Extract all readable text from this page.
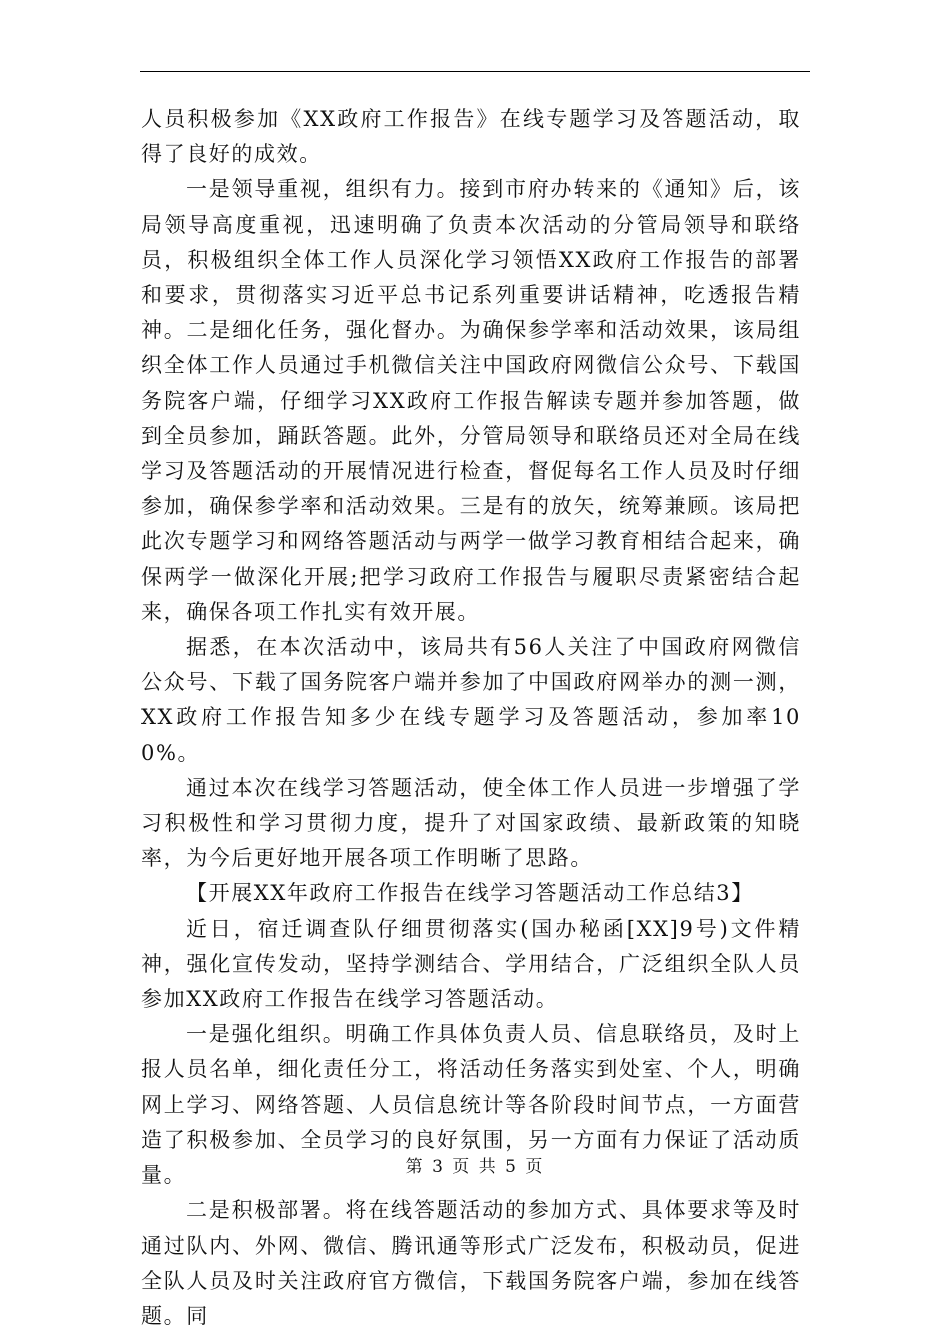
人员积极参加《XX政府工作报告》在线专题学习及答题活动，取得了良好的成效。

一是领导重视，组织有力。接到市府办转来的《通知》后，该局领导高度重视，迅速明确了负责本次活动的分管局领导和联络员，积极组织全体工作人员深化学习领悟XX政府工作报告的部署和要求，贯彻落实习近平总书记系列重要讲话精神，吃透报告精神。二是细化任务，强化督办。为确保参学率和活动效果，该局组织全体工作人员通过手机微信关注中国政府网微信公众号、下载国务院客户端，仔细学习XX政府工作报告解读专题并参加答题，做到全员参加，踊跃答题。此外，分管局领导和联络员还对全局在线学习及答题活动的开展情况进行检查，督促每名工作人员及时仔细参加，确保参学率和活动效果。三是有的放矢，统筹兼顾。该局把此次专题学习和网络答题活动与两学一做学习教育相结合起来，确保两学一做深化开展;把学习政府工作报告与履职尽责紧密结合起来，确保各项工作扎实有效开展。

据悉，在本次活动中，该局共有56人关注了中国政府网微信公众号、下载了国务院客户端并参加了中国政府网举办的测一测，XX政府工作报告知多少在线专题学习及答题活动，参加率100%。

通过本次在线学习答题活动，使全体工作人员进一步增强了学习积极性和学习贯彻力度，提升了对国家政绩、最新政策的知晓率，为今后更好地开展各项工作明晰了思路。

【开展XX年政府工作报告在线学习答题活动工作总结3】

近日，宿迁调查队仔细贯彻落实(国办秘函[XX]9号)文件精神，强化宣传发动，坚持学测结合、学用结合，广泛组织全队人员参加XX政府工作报告在线学习答题活动。

一是强化组织。明确工作具体负责人员、信息联络员，及时上报人员名单，细化责任分工，将活动任务落实到处室、个人，明确网上学习、网络答题、人员信息统计等各阶段时间节点，一方面营造了积极参加、全员学习的良好氛围，另一方面有力保证了活动质量。

二是积极部署。将在线答题活动的参加方式、具体要求等及时通过队内、外网、微信、腾讯通等形式广泛发布，积极动员，促进全队人员及时关注政府官方微信，下载国务院客户端，参加在线答题。同

第 3 页 共 5 页
